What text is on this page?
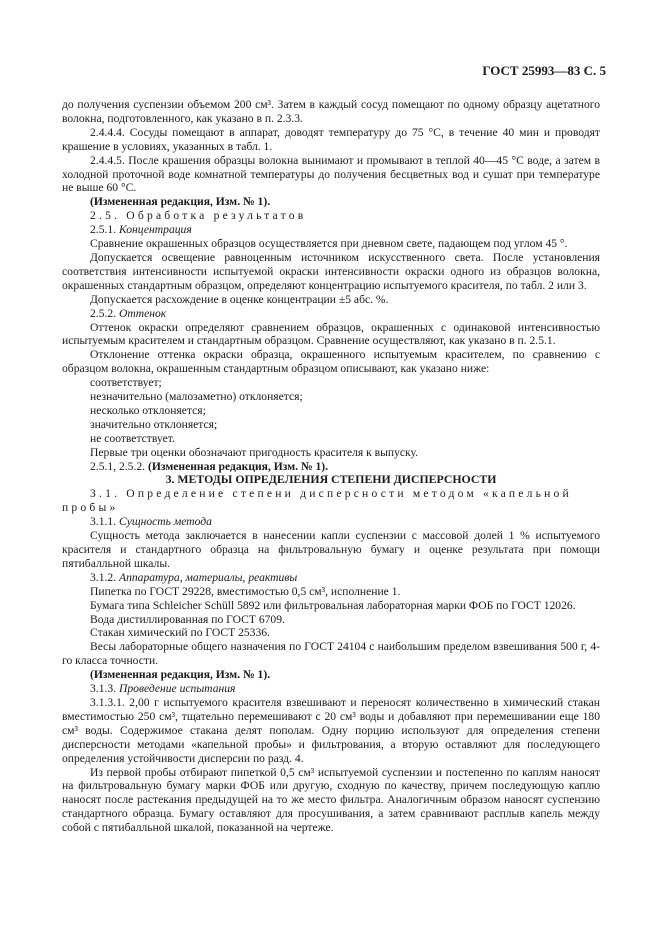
ГОСТ 25993—83 С. 5

до получения суспензии объемом 200 см³. Затем в каждый сосуд помещают по одному образцу ацетатного волокна, подготовленного, как указано в п. 2.3.3.

2.4.4.4. Сосуды помещают в аппарат, доводят температуру до 75 °С, в течение 40 мин и проводят крашение в условиях, указанных в табл. 1.

2.4.4.5. После крашения образцы волокна вынимают и промывают в теплой 40—45 °С воде, а затем в холодной проточной воде комнатной температуры до получения бесцветных вод и сушат при температуре не выше 60 °С.

(Измененная редакция, Изм. № 1).

2.5. Обработка результатов

2.5.1. Концентрация

Сравнение окрашенных образцов осуществляется при дневном свете, падающем под углом 45 °.

Допускается освещение равноценным источником искусственного света. После установления соответствия интенсивности испытуемой окраски интенсивности окраски одного из образцов волокна, окрашенных стандартным образцом, определяют концентрацию испытуемого красителя, по табл. 2 или 3.

Допускается расхождение в оценке концентрации ±5 абс. %.

2.5.2. Оттенок

Оттенок окраски определяют сравнением образцов, окрашенных с одинаковой интенсивностью испытуемым красителем и стандартным образцом. Сравнение осуществляют, как указано в п. 2.5.1.

Отклонение оттенка окраски образца, окрашенного испытуемым красителем, по сравнению с образцом волокна, окрашенным стандартным образцом описывают, как указано ниже:

соответствует;

незначительно (малозаметно) отклоняется;

несколько отклоняется;

значительно отклоняется;

не соответствует.

Первые три оценки обозначают пригодность красителя к выпуску.

2.5.1, 2.5.2. (Измененная редакция, Изм. № 1).

3. МЕТОДЫ ОПРЕДЕЛЕНИЯ СТЕПЕНИ ДИСПЕРСНОСТИ

3.1. Определение степени дисперсности методом «капельной пробы»

3.1.1. Сущность метода

Сущность метода заключается в нанесении капли суспензии с массовой долей 1 % испытуемого красителя и стандартного образца на фильтровальную бумагу и оценке результата при помощи пятибалльной шкалы.

3.1.2. Аппаратура, материалы, реактивы

Пипетка по ГОСТ 29228, вместимостью 0,5 см³, исполнение 1.

Бумага типа Schleicher Schüll 5892 или фильтровальная лабораторная марки ФОБ по ГОСТ 12026.

Вода дистиллированная по ГОСТ 6709.

Стакан химический по ГОСТ 25336.

Весы лабораторные общего назначения по ГОСТ 24104 с наибольшим пределом взвешивания 500 г, 4-го класса точности.

(Измененная редакция, Изм. № 1).

3.1.3. Проведение испытания

3.1.3.1. 2,00 г испытуемого красителя взвешивают и переносят количественно в химический стакан вместимостью 250 см³, тщательно перемешивают с 20 см³ воды и добавляют при перемешивании еще 180 см³ воды. Содержимое стакана делят пополам. Одну порцию используют для определения степени дисперсности методами «капельной пробы» и фильтрования, а вторую оставляют для последующего определения устойчивости дисперсии по разд. 4.

Из первой пробы отбирают пипеткой 0,5 см³ испытуемой суспензии и постепенно по каплям наносят на фильтровальную бумагу марки ФОБ или другую, сходную по качеству, причем последующую каплю наносят после растекания предыдущей на то же место фильтра. Аналогичным образом наносят суспензию стандартного образца. Бумагу оставляют для просушивания, а затем сравнивают расплыв капель между собой с пятибалльной шкалой, показанной на чертеже.
